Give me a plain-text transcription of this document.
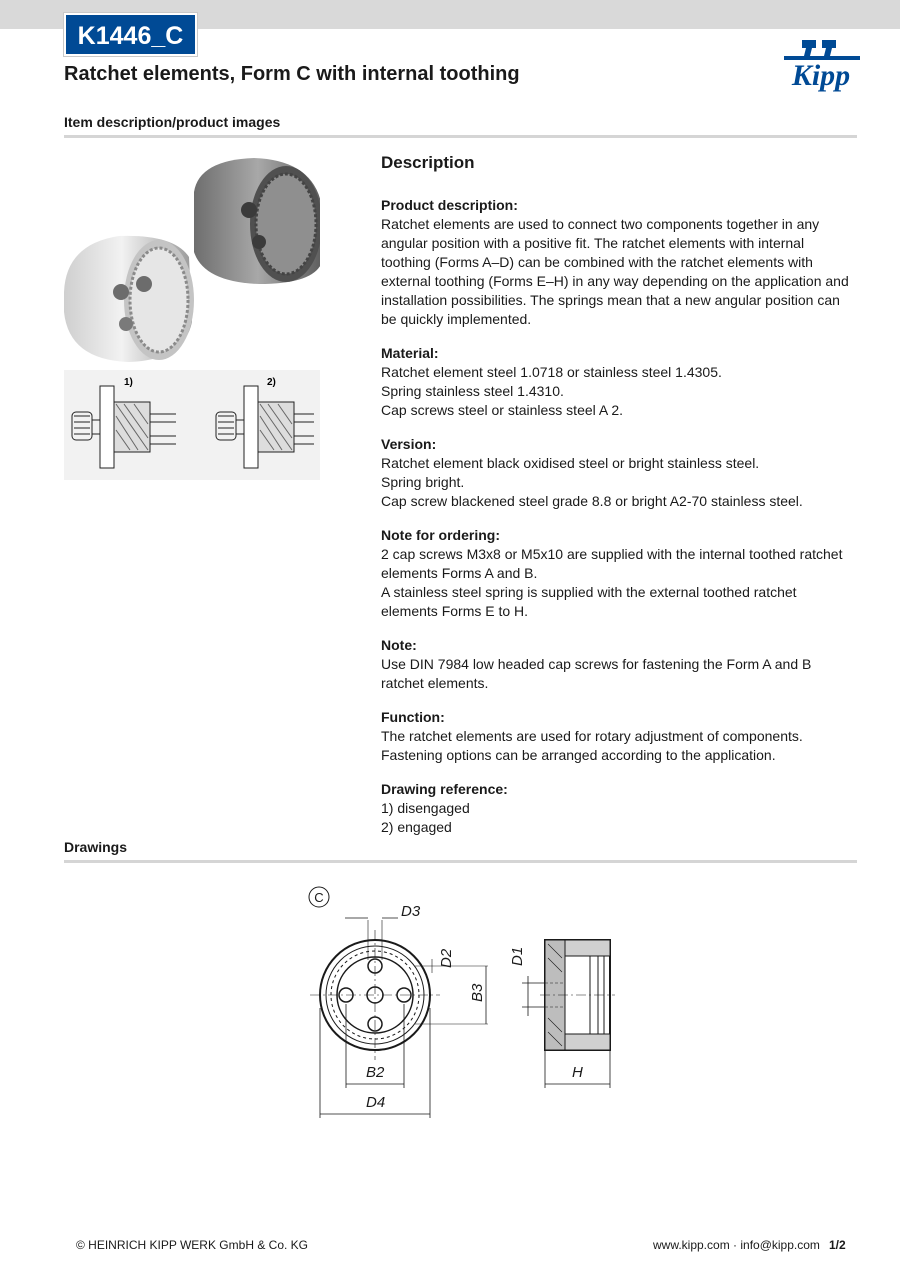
K1446_C
Ratchet elements, Form C with internal toothing	Kipp
Item description/product images
1)	2)
Description

Product description:

Ratchet elements are used to connect two components together in any angular position with a positive fit. The ratchet elements with internal toothing (Forms A–D) can be combined with the ratchet elements with external toothing (Forms E–H) in any way depending on the application and installation possibilities. The springs mean that a new angular position can be quickly implemented.

Material:

Ratchet element steel 1.0718 or stainless steel 1.4305.

Spring stainless steel 1.4310.

Cap screws steel or stainless steel A 2.

Version:

Ratchet element black oxidised steel or bright stainless steel.

Spring bright.

Cap screw blackened steel grade 8.8 or bright A2-70 stainless steel.

Note for ordering:

2 cap screws M3x8 or M5x10 are supplied with the internal toothed ratchet elements Forms A and B.

A stainless steel spring is supplied with the external toothed ratchet elements Forms E to H.

Note:

Use DIN 7984 low headed cap screws for fastening the Form A and B ratchet elements.

Function:

The ratchet elements are used for rotary adjustment of components. Fastening options can be arranged according to the application.

Drawing reference:

1) disengaged

2) engaged

Drawings
C
D3
D2
B3
D1
B2
D4
H
© HEINRICH KIPP WERK GmbH & Co. KG	www.kipp.com · info@kipp.com 1/2
